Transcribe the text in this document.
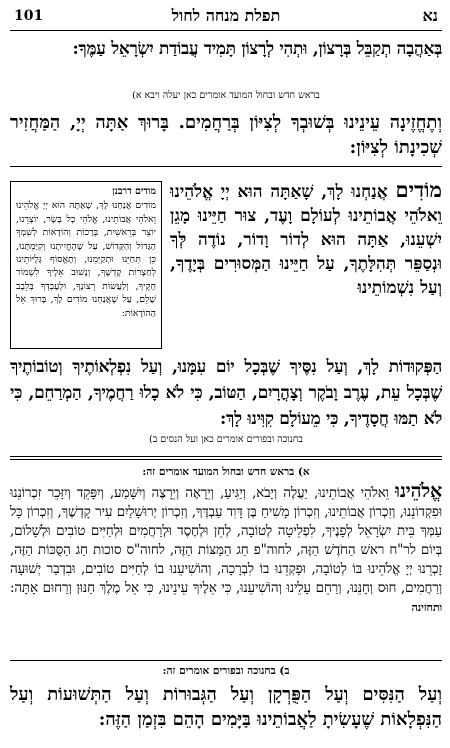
101	תפלת מנחה לחול	נא
בְּאַהֲבָה תְקַבֵּל בְּרָצוֹן, וּתְהִי לְרָצוֹן תָּמִיד עֲבוֹדַת יִשְׂרָאֵל עַמֶּךָ:
בראש חדש ובחול המועד אומרים כאן יעלה ויבא א)
וְתֶחֱזֶינָה עֵינֵינוּ בְּשׁוּבְךָ לְצִיּוֹן בְּרַחֲמִים. בָּרוּךְ אַתָּה יְיָ, הַמַּחֲזִיר שְׁכִינָתוֹ לְצִיּוֹן:
מוֹדִים אֲנַחְנוּ לָךְ, שָׁאַתָּה הוּא יְיָ אֱלֹהֵינוּ וֵאלֹהֵי אֲבוֹתֵינוּ לְעוֹלָם וָעֶד, צוּר חַיֵּינוּ מָגֵן יִשְׁעֵנוּ, אַתָּה הוּא לְדוֹר וָדוֹר, נוֹדֶה לְּךָ וּנְסַפֵּר תְּהִלָּתֶךָ, עַל חַיֵּינוּ הַמְּסוּרִים בְּיָדֶךָ, וְעַל נִשְׁמוֹתֵינוּ
מודים דרבנן
מוֹדִים אֲנַחְנוּ לָךְ, שָׁאַתָּה הוּא יְיָ אֱלֹהֵינוּ וֵאלֹהֵי אֲבוֹתֵינוּ, אֱלֹהֵי כָל בָּשָׂר, יוֹצְרֵנוּ, יוֹצֵר בְּרֵאשִׁית, בְּרָכוֹת וְהוֹדָאוֹת לְשִׁמְךָ הַגָּדוֹל וְהַקָּדוֹשׁ, עַל שֶׁהֶחֱיִיתָנוּ וְקִיַּמְתָּנוּ, כֵּן תְּחַיֵּנוּ וּתְקַיְּמֵנוּ, וְתֶאֱסוֹף גָּלֻיּוֹתֵינוּ לְחַצְרוֹת קָדְשֶׁךָ, וְנָשׁוּב אֵלֶיךָ לִשְׁמוֹר חֻקֶּיךָ, וְלַעֲשׂוֹת רְצוֹנֶךָ, וּלְעָבְדְךָ בְּלֵבָב שָׁלֵם, עַל שֶׁאֲנַחְנוּ מוֹדִים לָךְ, בָּרוּךְ אֵל הַהוֹדָאוֹת:
הַפְּקוּדוֹת לָךְ, וְעַל נִסֶּיךָ שֶׁבְּכָל יוֹם עִמָּנוּ, וְעַל נִפְלְאוֹתֶיךָ וְטוֹבוֹתֶיךָ שֶׁבְּכָל עֵת, עֶרֶב וָבֹקֶר וְצָהֳרָיִם, הַטּוֹב, כִּי לֹא כָלוּ רַחֲמֶיךָ, הַמְרַחֵם, כִּי לֹא תַמּוּ חֲסָדֶיךָ, כִּי מֵעוֹלָם קִוִּינוּ לָךְ:
בחנוכה ובפורים אומרים כאן ועל הנסים ב)
א) בראש חדש ובחול המועד אומרים זה:
אֱלֹהֵינוּ וֵאלֹהֵי אֲבוֹתֵינוּ, יַעֲלֶה וְיָבֹא, וְיַגִּיעַ, וְיֵרָאֶה וְיֵרָצֶה וְיִשָּׁמַע, וְיִפָּקֵד וְיִזָּכֵר זִכְרוֹנֵנוּ וּפִקְדוֹנֵנוּ, וְזִכְרוֹן אֲבוֹתֵינוּ, וְזִכְרוֹן מָשִׁיחַ בֶּן דָּוִד עַבְדֶּךָ, וְזִכְרוֹן יְרוּשָׁלַיִם עִיר קָדְשֶׁךָ, וְזִכְרוֹן כָּל עַמְּךָ בֵּית יִשְׂרָאֵל לְפָנֶיךָ, לִפְלֵיטָה לְטוֹבָה, לְחֵן וּלְחֶסֶד וּלְרַחֲמִים וּלְחַיִּים טוֹבִים וּלְשָׁלוֹם, בְּיוֹם לר"ח ראשׁ הַחֹדֶשׁ הַזֶּה, לחוה"פ חַג הַמַּצּוֹת הַזֶּה, לחוה"ס סוכות חַג הַסֻּכּוֹת הַזֶּה, זָכְרֵנוּ יְיָ אֱלֹהֵינוּ בּוֹ לְטוֹבָה, וּפָקְדֵנוּ בוֹ לִבְרָכָה, וְהוֹשִׁיעֵנוּ בוֹ לְחַיִּים טוֹבִים, וּבִדְבַר יְשׁוּעָה וְרַחֲמִים, חוּס וְחָנֵּנוּ, וְרַחֵם עָלֵינוּ וְהוֹשִׁיעֵנוּ, כִּי אֵלֶיךָ עֵינֵינוּ, כִּי אֵל מֶלֶךְ חַנּוּן וְרַחוּם אָתָּה: ותחזינה
ב) בחנוכה ובפורים אומרים זה:
וְעַל הַנִּסִּים וְעַל הַפֻּרְקָן וְעַל הַגְּבוּרוֹת וְעַל הַתְּשׁוּעוֹת וְעַל הַנִּפְלָאוֹת שֶׁעָשִׂיתָ לַאֲבוֹתֵינוּ בַּיָּמִים הָהֵם בִּזְמַן הַזֶּה:
